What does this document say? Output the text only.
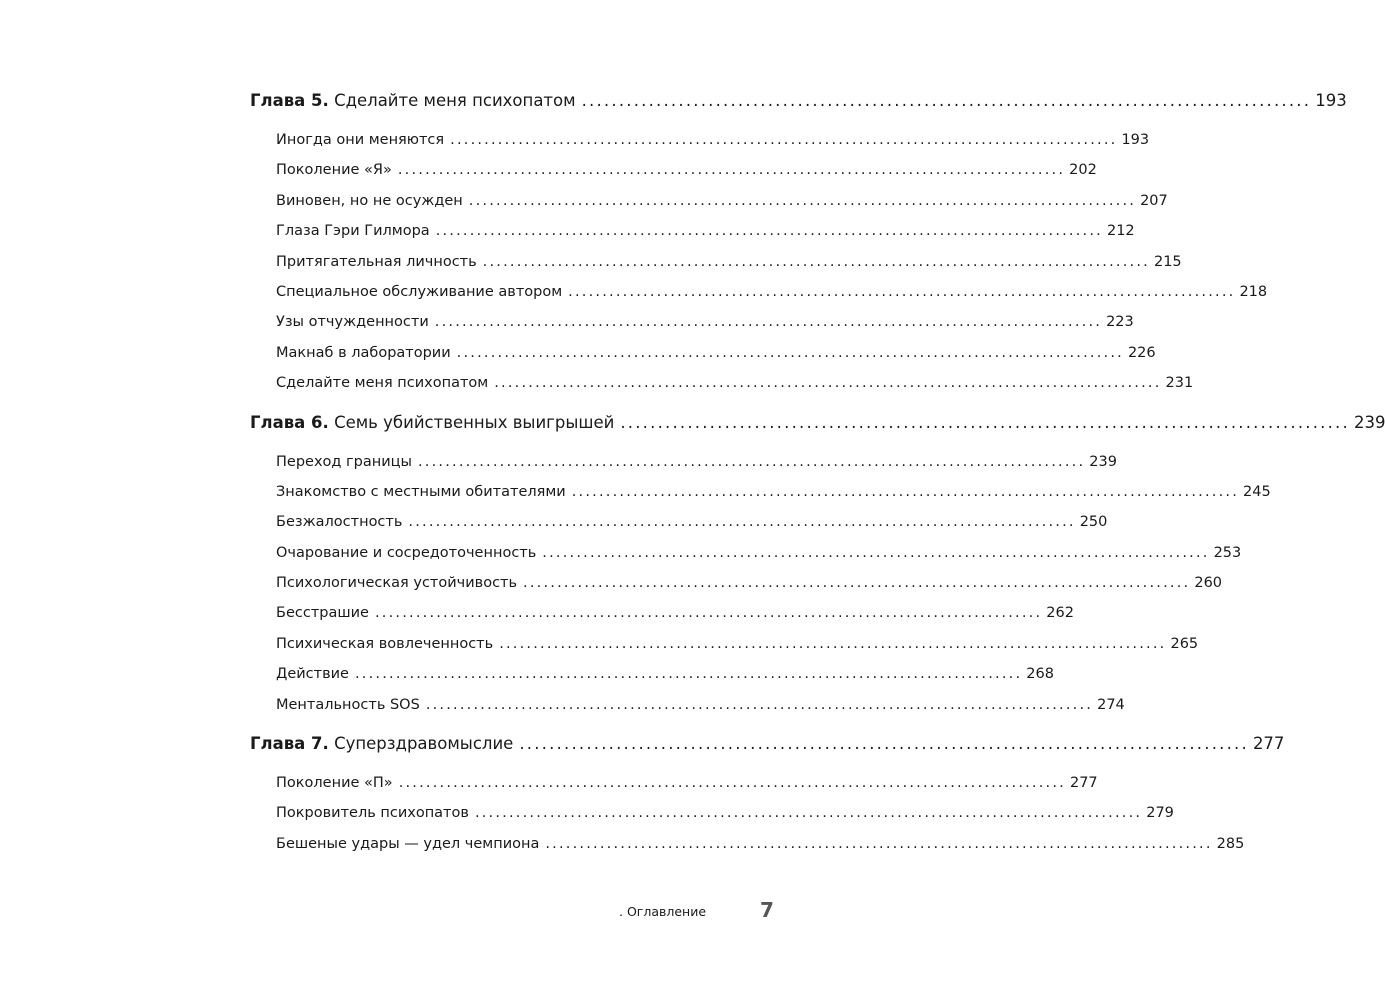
Глава 5. Сделайте меня психопатом .................................................................................................. 193
Иногда они меняются .................................................................................................. 193
Поколение «Я» .................................................................................................. 202
Виновен, но не осужден .................................................................................................. 207
Глаза Гэри Гилмора .................................................................................................. 212
Притягательная личность .................................................................................................. 215
Специальное обслуживание автором .................................................................................................. 218
Узы отчужденности .................................................................................................. 223
Макнаб в лаборатории .................................................................................................. 226
Сделайте меня психопатом .................................................................................................. 231
Глава 6. Семь убийственных выигрышей .................................................................................................. 239
Переход границы .................................................................................................. 239
Знакомство с местными обитателями .................................................................................................. 245
Безжалостность .................................................................................................. 250
Очарование и сосредоточенность .................................................................................................. 253
Психологическая устойчивость .................................................................................................. 260
Бесстрашие .................................................................................................. 262
Психическая вовлеченность .................................................................................................. 265
Действие .................................................................................................. 268
Ментальность SOS .................................................................................................. 274
Глава 7. Суперздравомыслие .................................................................................................. 277
Поколение «П» .................................................................................................. 277
Покровитель психопатов .................................................................................................. 279
Бешеные удары — удел чемпиона .................................................................................................. 285
. Оглавление	7
